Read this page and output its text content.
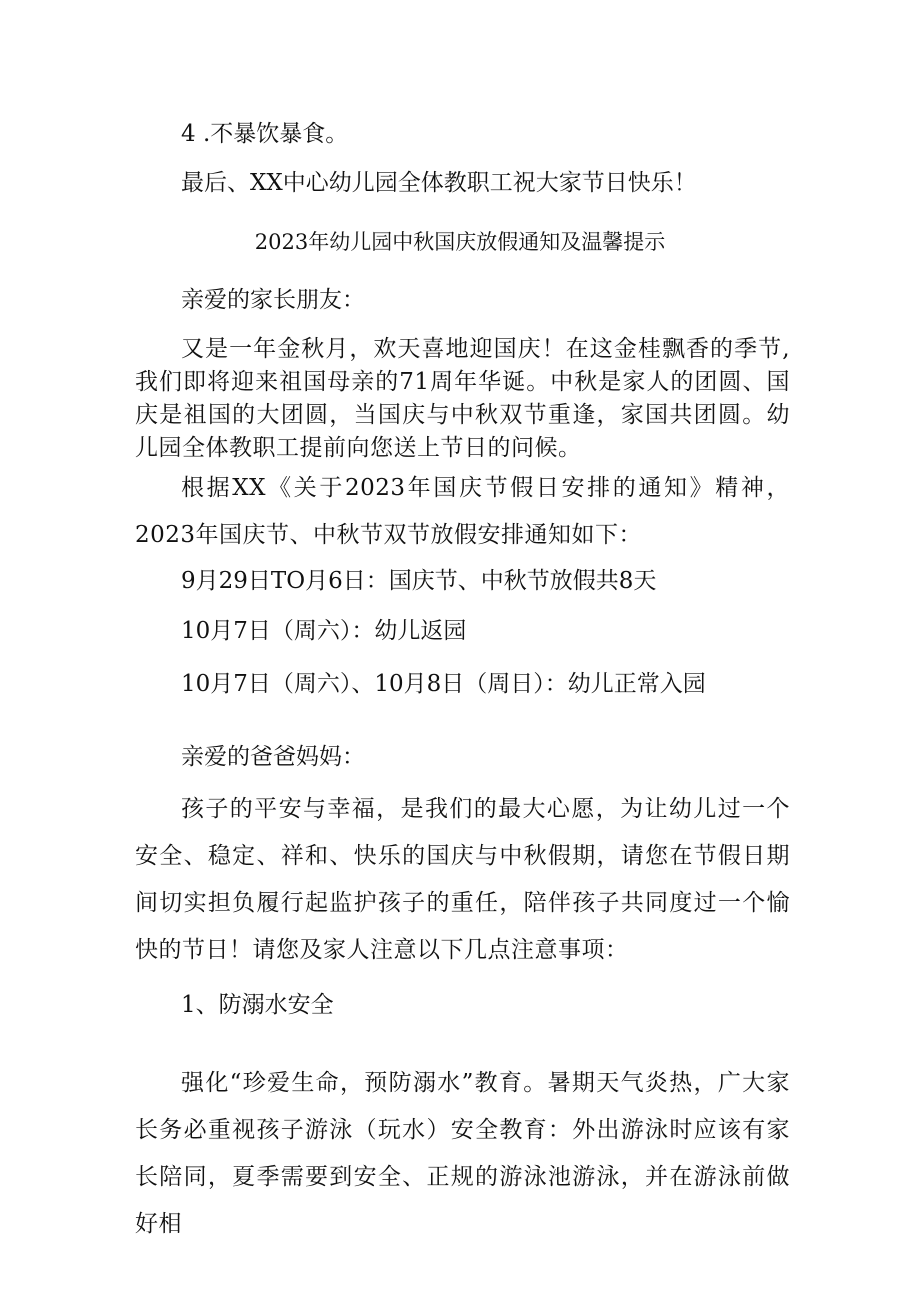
4 .不暴饮暴食。
最后、XX中心幼儿园全体教职工祝大家节日快乐！
2023年幼儿园中秋国庆放假通知及温馨提示
亲爱的家长朋友：
又是一年金秋月，欢天喜地迎国庆！在这金桂飘香的季节,我们即将迎来祖国母亲的71周年华诞。中秋是家人的团圆、国庆是祖国的大团圆，当国庆与中秋双节重逢，家国共团圆。幼儿园全体教职工提前向您送上节日的问候。
根据XX《关于2023年国庆节假日安排的通知》精神，2023年国庆节、中秋节双节放假安排通知如下：
9月29日TO月6日：国庆节、中秋节放假共8天
10月7日（周六）：幼儿返园
10月7日（周六）、10月8日（周日）：幼儿正常入园
亲爱的爸爸妈妈：
孩子的平安与幸福，是我们的最大心愿，为让幼儿过一个安全、稳定、祥和、快乐的国庆与中秋假期，请您在节假日期间切实担负履行起监护孩子的重任，陪伴孩子共同度过一个愉快的节日！请您及家人注意以下几点注意事项：
1、防溺水安全
强化“珍爱生命，预防溺水”教育。暑期天气炎热，广大家长务必重视孩子游泳（玩水）安全教育：外出游泳时应该有家长陪同，夏季需要到安全、正规的游泳池游泳，并在游泳前做好相
